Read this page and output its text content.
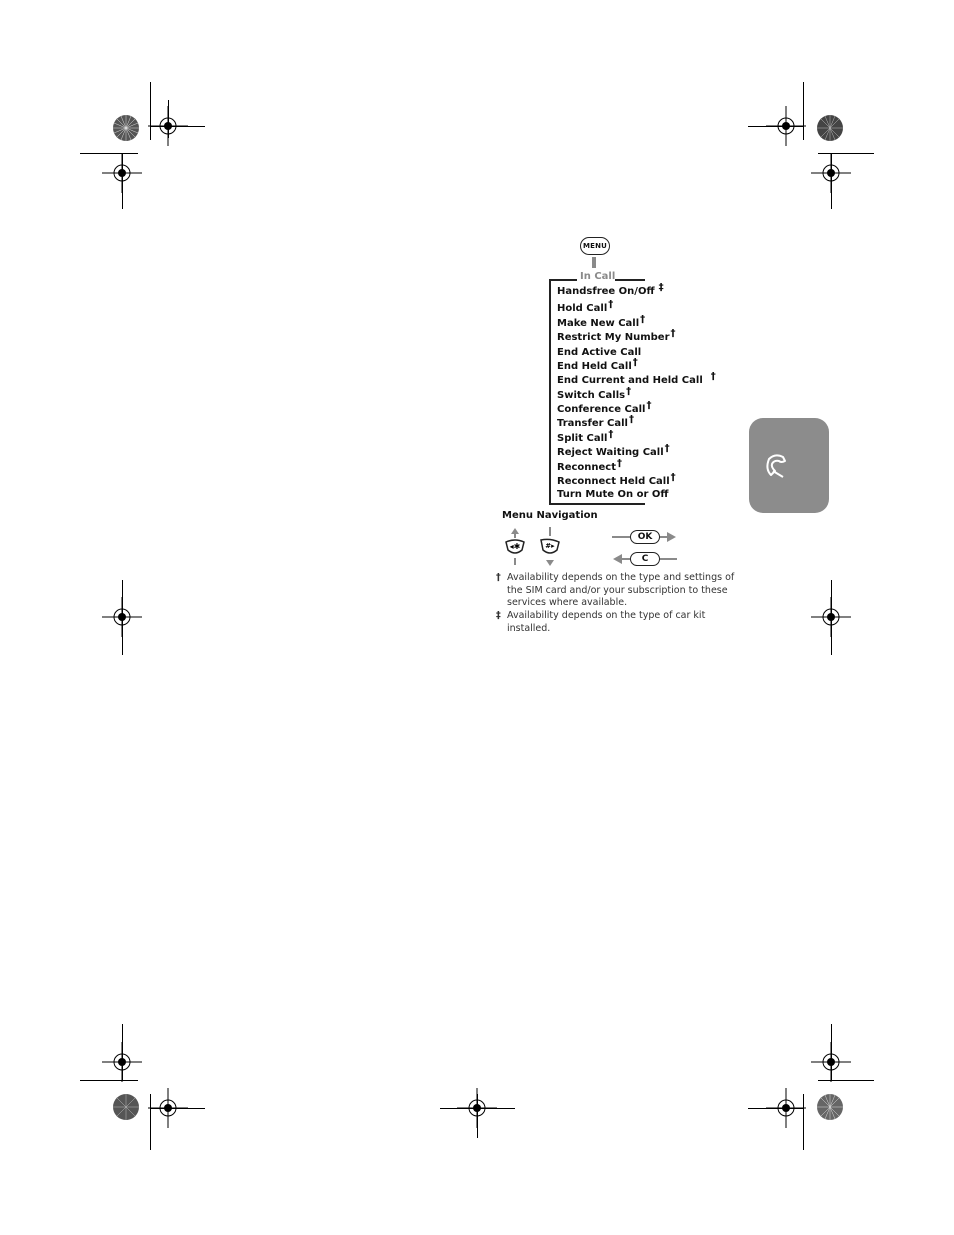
MENU
In Call
Handsfree On/Off ‡
Hold Call†
Make New Call†
Restrict My Number†
End Active Call
End Held Call†
End Current and Held Call †
Switch Calls†
Conference Call†
Transfer Call†
Split Call†
Reject Waiting Call†
Reconnect†
Reconnect Held Call†
Turn Mute On or Off
Menu Navigation
◂✱	#▸
OK
C
† Availability depends on the type and settings of the SIM card and/or your subscription to these services where available.
‡ Availability depends on the type of car kit installed.
